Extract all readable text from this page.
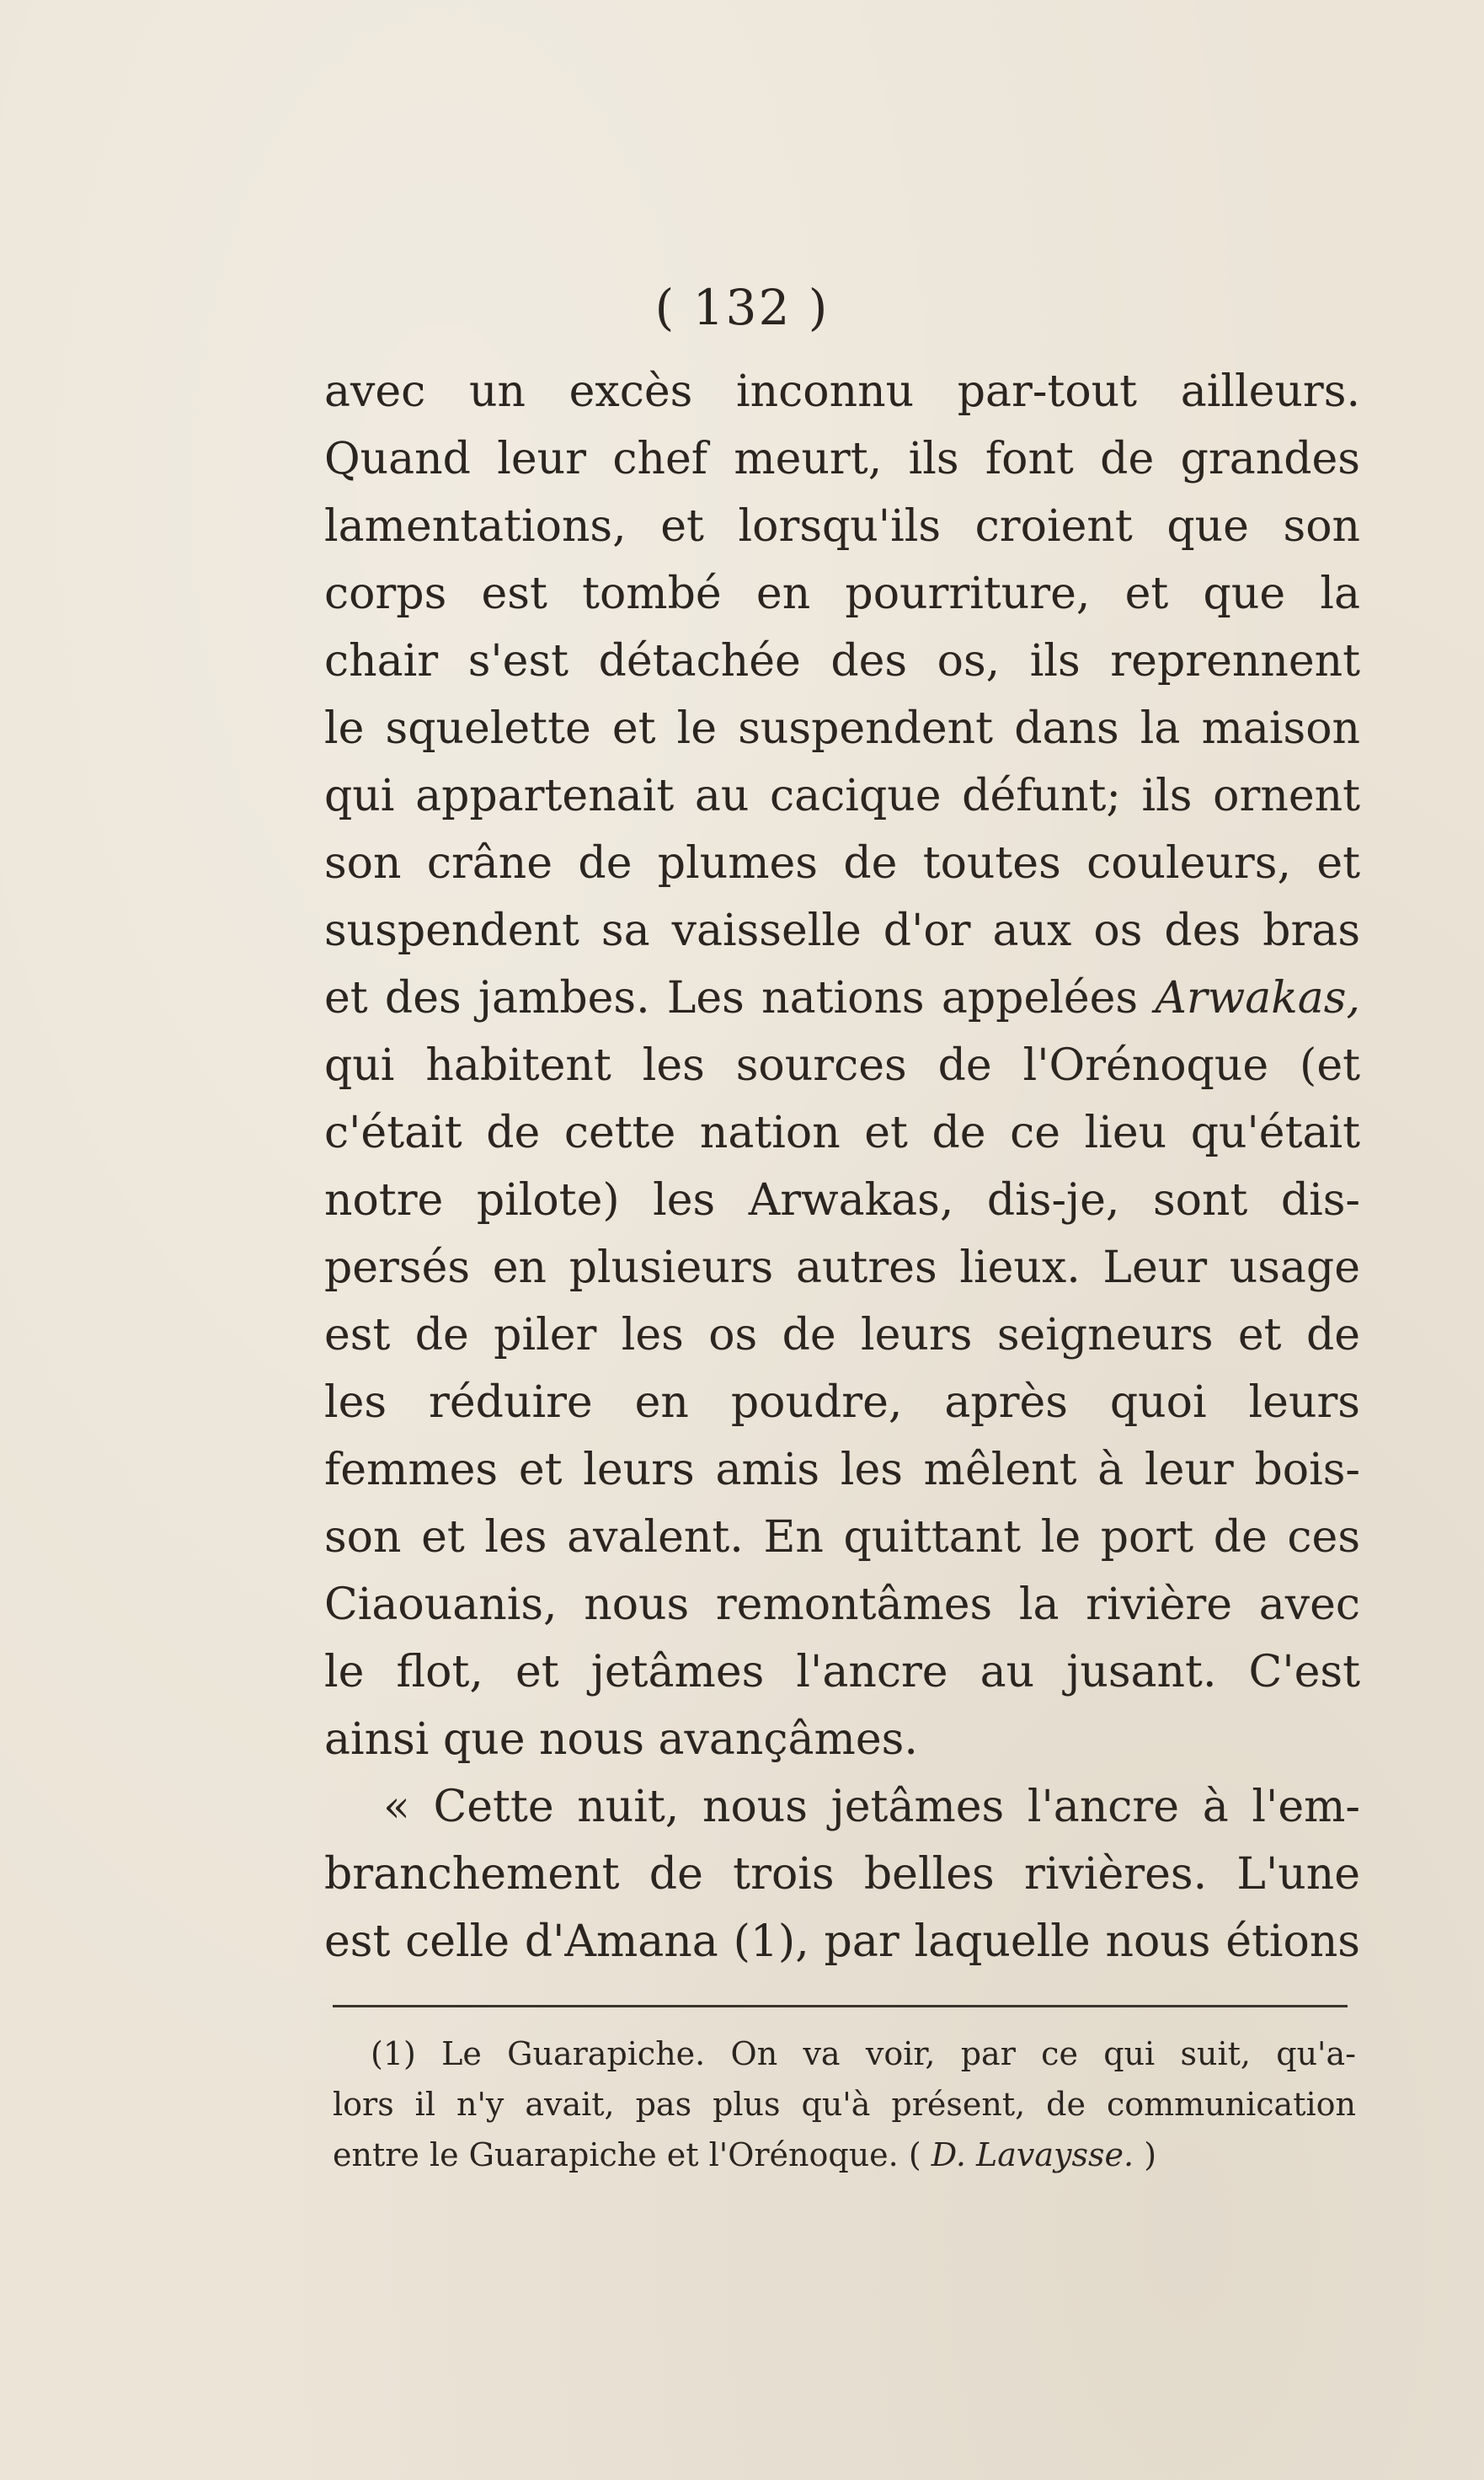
( 132 )
avec un excès inconnu par-tout ailleurs.
Quand leur chef meurt, ils font de grandes
lamentations, et lorsqu'ils croient que son
corps est tombé en pourriture, et que la
chair s'est détachée des os, ils reprennent
le squelette et le suspendent dans la maison
qui appartenait au cacique défunt; ils ornent
son crâne de plumes de toutes couleurs, et
suspendent sa vaisselle d'or aux os des bras
et des jambes. Les nations appelées Arwakas,
qui habitent les sources de l'Orénoque (et
c'était de cette nation et de ce lieu qu'était
notre pilote) les Arwakas, dis-je, sont dis-
persés en plusieurs autres lieux. Leur usage
est de piler les os de leurs seigneurs et de
les réduire en poudre, après quoi leurs
femmes et leurs amis les mêlent à leur bois-
son et les avalent. En quittant le port de ces
Ciaouanis, nous remontâmes la rivière avec
le flot, et jetâmes l'ancre au jusant. C'est
ainsi que nous avançâmes.
« Cette nuit, nous jetâmes l'ancre à l'em-
branchement de trois belles rivières. L'une
est celle d'Amana (1), par laquelle nous étions
(1) Le Guarapiche. On va voir, par ce qui suit, qu'a-
lors il n'y avait, pas plus qu'à présent, de communication
entre le Guarapiche et l'Orénoque. ( D. Lavaysse. )
